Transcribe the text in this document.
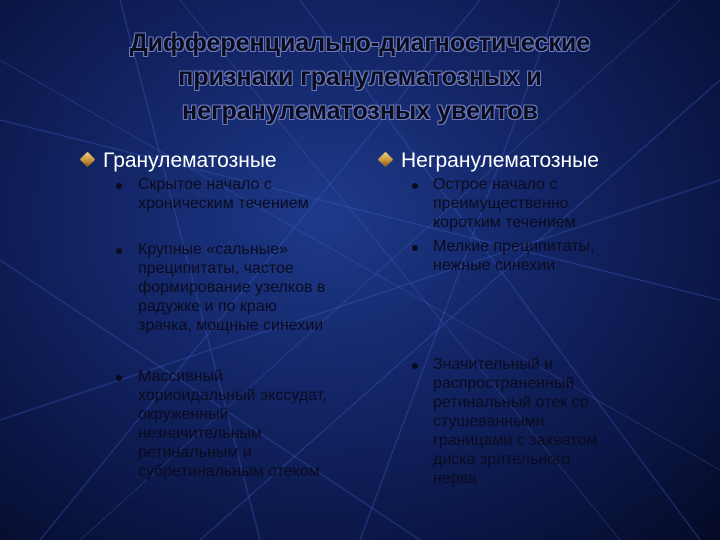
Дифференциально-диагностические
признаки гранулематозных и
негранулематозных увеитов
Гранулематозные
Скрытое начало с
хроническим течением
Крупные «сальные»
преципитаты, частое
формирование узелков в
радужке и по краю
зрачка, мощные синехии
Массивный
хориоидальный экссудат,
окруженный
незначительным
ретинальным и
субретинальным отеком
Негранулематозные
Острое начало с
преимущественно
коротким течением
Мелкие преципитаты,
нежные синехии
Значительный и
распространенный
ретинальный отек со
стушеванными
границами с захватом
диска зрительного
нерва
